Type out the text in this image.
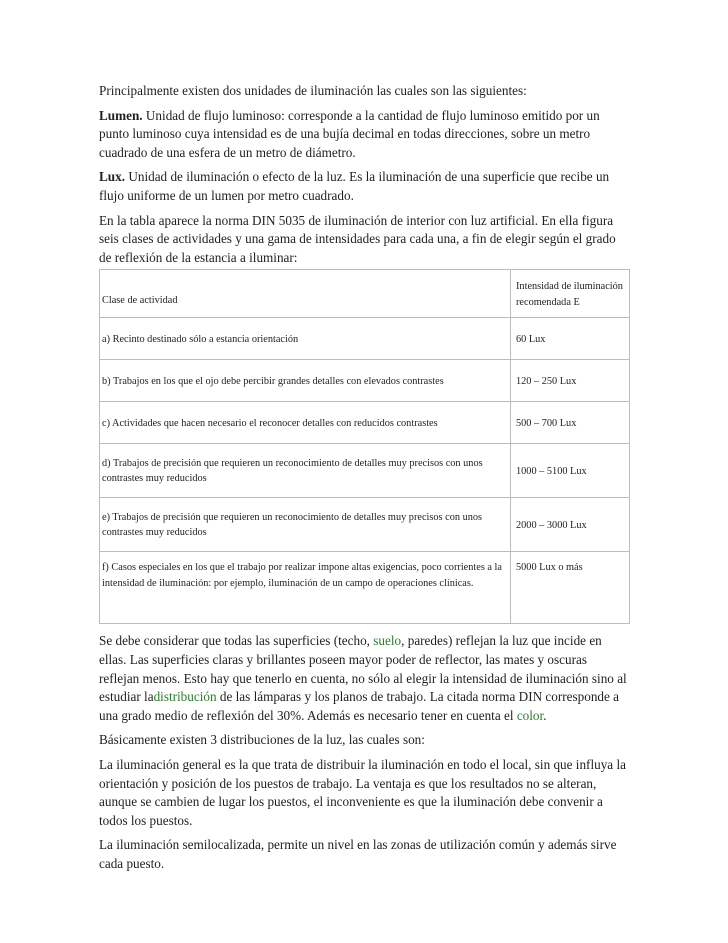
Principalmente existen dos unidades de iluminación las cuales son las siguientes:

Lumen. Unidad de flujo luminoso: corresponde a la cantidad de flujo luminoso emitido por un punto luminoso cuya intensidad es de una bujía decimal en todas direcciones, sobre un metro cuadrado de una esfera de un metro de diámetro.

Lux. Unidad de iluminación o efecto de la luz. Es la iluminación de una superficie que recibe un flujo uniforme de un lumen por metro cuadrado.

En la tabla aparece la norma DIN 5035 de iluminación de interior con luz artificial. En ella figura seis clases de actividades y una gama de intensidades para cada una, a fin de elegir según el grado de reflexión de la estancia a iluminar:

Clase de actividad	Intensidad de iluminación recomendada E
a) Recinto destinado sólo a estancia orientación	60 Lux
b) Trabajos en los que el ojo debe percibir grandes detalles con elevados contrastes	120 – 250 Lux
c) Actividades que hacen necesario el reconocer detalles con reducidos contrastes	500 – 700 Lux
d) Trabajos de precisión que requieren un reconocimiento de detalles muy precisos con unos contrastes muy reducidos	1000 – 5100 Lux
e) Trabajos de precisión que requieren un reconocimiento de detalles muy precisos con unos contrastes muy reducidos	2000 – 3000 Lux
f) Casos especiales en los que el trabajo por realizar impone altas exigencias, poco corrientes a la intensidad de iluminación: por ejemplo, iluminación de un campo de operaciones clínicas.	5000 Lux o más

Se debe considerar que todas las superficies (techo, suelo, paredes) reflejan la luz que incide en ellas. Las superficies claras y brillantes poseen mayor poder de reflector, las mates y oscuras reflejan menos. Esto hay que tenerlo en cuenta, no sólo al elegir la intensidad de iluminación sino al estudiar ladistribución de las lámparas y los planos de trabajo. La citada norma DIN corresponde a una grado medio de reflexión del 30%. Además es necesario tener en cuenta el color.

Básicamente existen 3 distribuciones de la luz, las cuales son:

La iluminación general es la que trata de distribuir la iluminación en todo el local, sin que influya la orientación y posición de los puestos de trabajo. La ventaja es que los resultados no se alteran, aunque se cambien de lugar los puestos, el inconveniente es que la iluminación debe convenir a todos los puestos.

La iluminación semilocalizada, permite un nivel en las zonas de utilización común y además sirve cada puesto.
